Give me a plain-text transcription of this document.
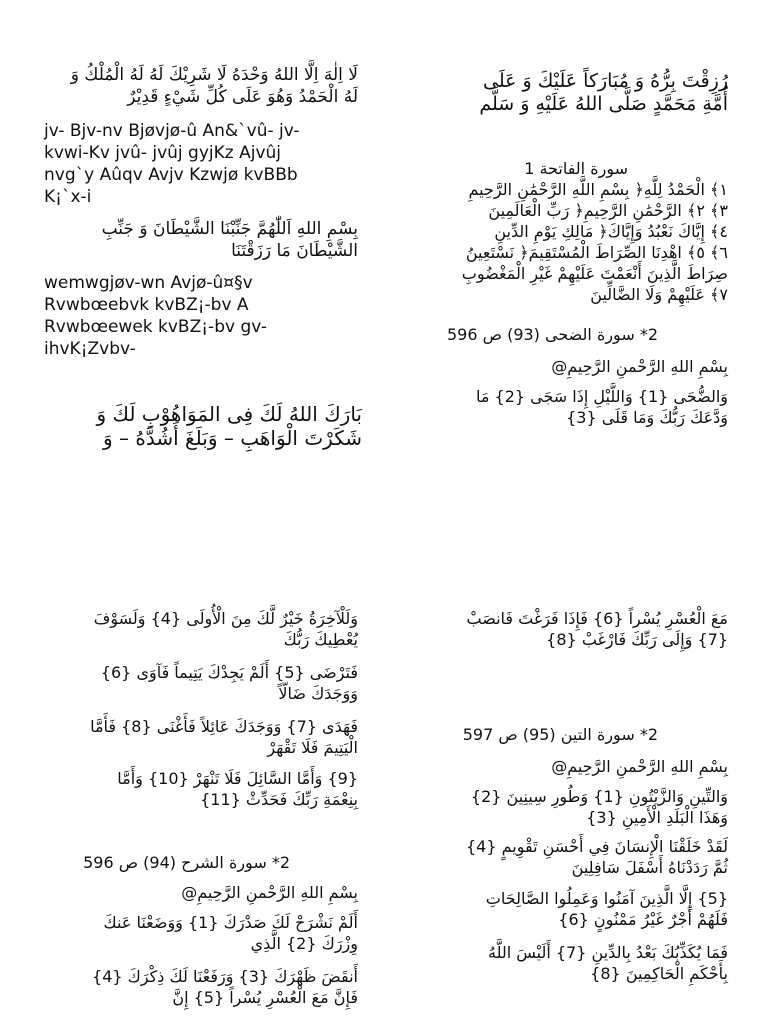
لَا اِلٰهَ اِلَّا اللهُ وَحْدَهُ لَا شَرِيْكَ لَهُ لَهُ الْمُلْكُ وَ
لَهُ الْحَمْدُ وَهُوَ عَلَى كُلِّ شَيْءٍ قَدِيْرٌ
jv- Bjv-nv Bjøvjø-û An&`vû- jv-
kvwi-Kv jvû- jvûj gyjKz Ajvûj
nvg`y Aûqv Avjv Kzwjø kvBBb
K¡`x-i
بِسْمِ اللهِ اَللّٰهُمَّ جَنِّبْنَا الشَّيْطَانَ وَ جَنِّبِ
الشَّيْطَانَ مَا رَزَقْتَنَا
wemwgjøv-wn Avjø-û¤§v
Rvwbœebvk kvBZ¡-bv A
Rvwbœewek kvBZ¡-bv gv-
ihvK¡Zvbv-
بَارَكَ اللهُ لَكَ فِى المَوَاهُوْبِ لَكَ وَ
شَكَرْتَ الْوَاهَبِ – وَبَلَغَ أَشُدَّهُ – وَ
رُزِقْتَ بِرُّهُ وَ مُبَارَكاً عَلَيْكَ وَ عَلَى
أُمَّةِ مَحَمَّدٍ صَلَّى اللهُ عَلَيْهِ وَ سَلَّم
سورة الفاتحة 1
١﴾ الْحَمْدُ لِلَّهِ﴿ بِسْمِ اللَّهِ الرَّحْمَٰنِ الرَّحِيمِ
٣﴾ ٢﴾ الرَّحْمَٰنِ الرَّحِيمِ﴿ رَبِّ الْعَالَمِينَ
٤﴾ إِيَّاكَ نَعْبُدُ وَإِيَّاكَ﴿ مَالِكِ يَوْمِ الدِّينِ
٦﴾ ٥﴾ اهْدِنَا الصِّرَاطَ الْمُسْتَقِيمَ﴿ نَسْتَعِينُ
صِرَاطَ الَّذِينَ أَنْعَمْتَ عَلَيْهِمْ غَيْرِ الْمَغْضُوبِ
٧﴾ عَلَيْهِمْ وَلَا الضَّالِّينَ
2* سورة الضحى (93) ص 596
بِسْمِ اللهِ الرَّحْمنِ الرَّحِيمِ@
وَالضُّحَى {1} وَاللَّيْلِ إِذَا سَجَى {2} مَا
وَدَّعَكَ رَبُّكَ وَمَا قَلَى {3}
وَلَلْآخِرَةُ خَيْرٌ لَّكَ مِنَ الْأُولَى {4} وَلَسَوْفَ
يُعْطِيكَ رَبُّكَ
فَتَرْضَى {5} أَلَمْ يَجِدْكَ يَتِيماً فَآوَى {6}
وَوَجَدَكَ ضَالّاً
فَهَدَى {7} وَوَجَدَكَ عَائِلاً فَأَغْنَى {8} فَأَمَّا
الْيَتِيمَ فَلَا تَقْهَرْ
{9} وَأَمَّا السَّائِلَ فَلَا تَنْهَرْ {10} وَأَمَّا
بِنِعْمَةِ رَبِّكَ فَحَدِّثْ {11}
2* سورة الشرح (94) ص 596
بِسْمِ اللهِ الرَّحْمنِ الرَّحِيمِ@
أَلَمْ نَشْرَحْ لَكَ صَدْرَكَ {1} وَوَضَعْنَا عَنكَ
وِزْرَكَ {2} الَّذِي
أَنقَضَ ظَهْرَكَ {3} وَرَفَعْنَا لَكَ ذِكْرَكَ {4}
فَإِنَّ مَعَ الْعُسْرِ يُسْراً {5} إِنَّ
مَعَ الْعُسْرِ يُسْراً {6} فَإِذَا فَرَغْتَ فَانصَبْ
{7} وَإِلَى رَبِّكَ فَارْغَبْ {8}
2* سورة التين (95) ص 597
بِسْمِ اللهِ الرَّحْمنِ الرَّحِيمِ@
وَالتِّينِ وَالزَّيْتُونِ {1} وَطُورِ سِينِينَ {2}
وَهَذَا الْبَلَدِ الْأَمِينِ {3}
لَقَدْ خَلَقْنَا الْإِنسَانَ فِي أَحْسَنِ تَقْوِيمٍ {4}
ثُمَّ رَدَدْنَاهُ أَسْفَلَ سَافِلِينَ
{5} إِلَّا الَّذِينَ آمَنُوا وَعَمِلُوا الصَّالِحَاتِ
فَلَهُمْ أَجْرٌ غَيْرُ مَمْنُونٍ {6}
فَمَا يُكَذِّبُكَ بَعْدُ بِالدِّينِ {7} أَلَيْسَ اللَّهُ
بِأَحْكَمِ الْحَاكِمِينَ {8}
